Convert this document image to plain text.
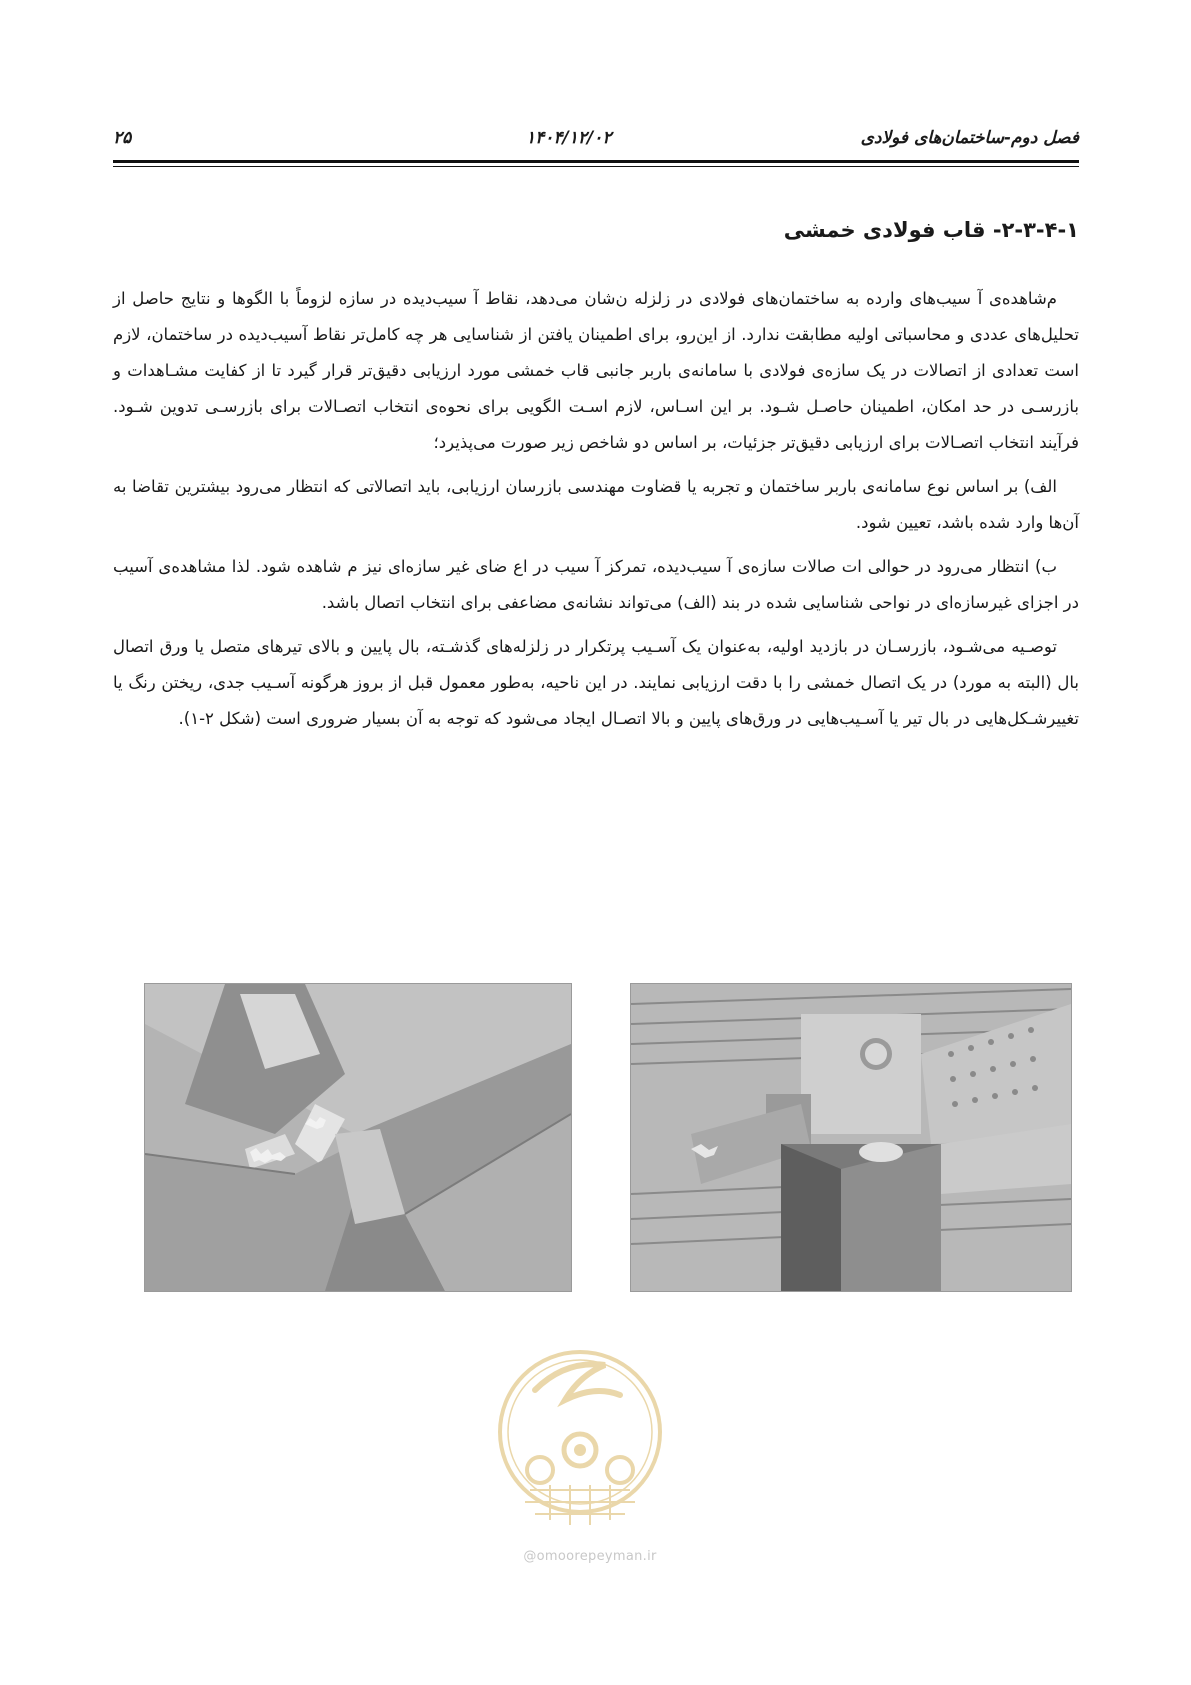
فصل دوم-ساختمان‌های فولادی
۱۴۰۴/۱۲/۰۲
۲۵
۲-۳-۴-۱- قاب فولادی خمشی

م‌شاهده‌ی آ سیب‌های وارده به ساختمان‌های فولادی در زلزله ن‌شان می‌دهد، نقاط آ سیب‌دیده در سازه لزوماً با الگوها و نتایج حاصل از تحلیل‌های عددی و محاسباتی اولیه مطابقت ندارد. از این‌رو، برای اطمینان یافتن از شناسایی هر چه کامل‌تر نقاط آسیب‌دیده در ساختمان، لازم است تعدادی از اتصالات در یک سازه‌ی فولادی با سامانه‌ی باربر جانبی قاب خمشی مورد ارزیابی دقیق‌تر قرار گیرد تا از کفایت مشـاهدات و بازرسـی در حد امکان، اطمینان حاصـل شـود. بر این اسـاس، لازم اسـت الگویی برای نحوه‌ی انتخاب اتصـالات برای بازرسـی تدوین شـود. فرآیند انتخاب اتصـالات برای ارزیابی دقیق‌تر جزئیات، بر اساس دو شاخص زیر صورت می‌پذیرد؛

الف) بر اساس نوع سامانه‌ی باربر ساختمان و تجربه یا قضاوت مهندسی بازرسان ارزیابی، باید اتصالاتی که انتظار می‌رود بیشترین تقاضا به آن‌ها وارد شده باشد، تعیین شود.

ب) انتظار می‌رود در حوالی ات صالات سازه‌ی آ سیب‌دیده، تمرکز آ سیب در اع ضای غیر سازه‌ای نیز م شاهده شود. لذا مشاهده‌ی آسیب در اجزای غیرسازه‌ای در نواحی شناسایی شده در بند (الف) می‌تواند نشانه‌ی مضاعفی برای انتخاب اتصال باشد.

توصـیه می‌شـود، بازرسـان در بازدید اولیه، به‌عنوان یک آسـیب پرتکرار در زلزله‌های گذشـته، بال پایین و بالای تیرهای متصل یا ورق اتصال بال (البته به مورد) در یک اتصال خمشی را با دقت ارزیابی نمایند. در این ناحیه، به‌طور معمول قبل از بروز هرگونه آسـیب جدی، ریختن رنگ یا تغییرشـکل‌هایی در بال تیر یا آسـیب‌هایی در ورق‌های پایین و بالا اتصـال ایجاد می‌شود که توجه به آن بسیار ضروری است (شکل ۲-۱).

@omoorepeyman.ir
